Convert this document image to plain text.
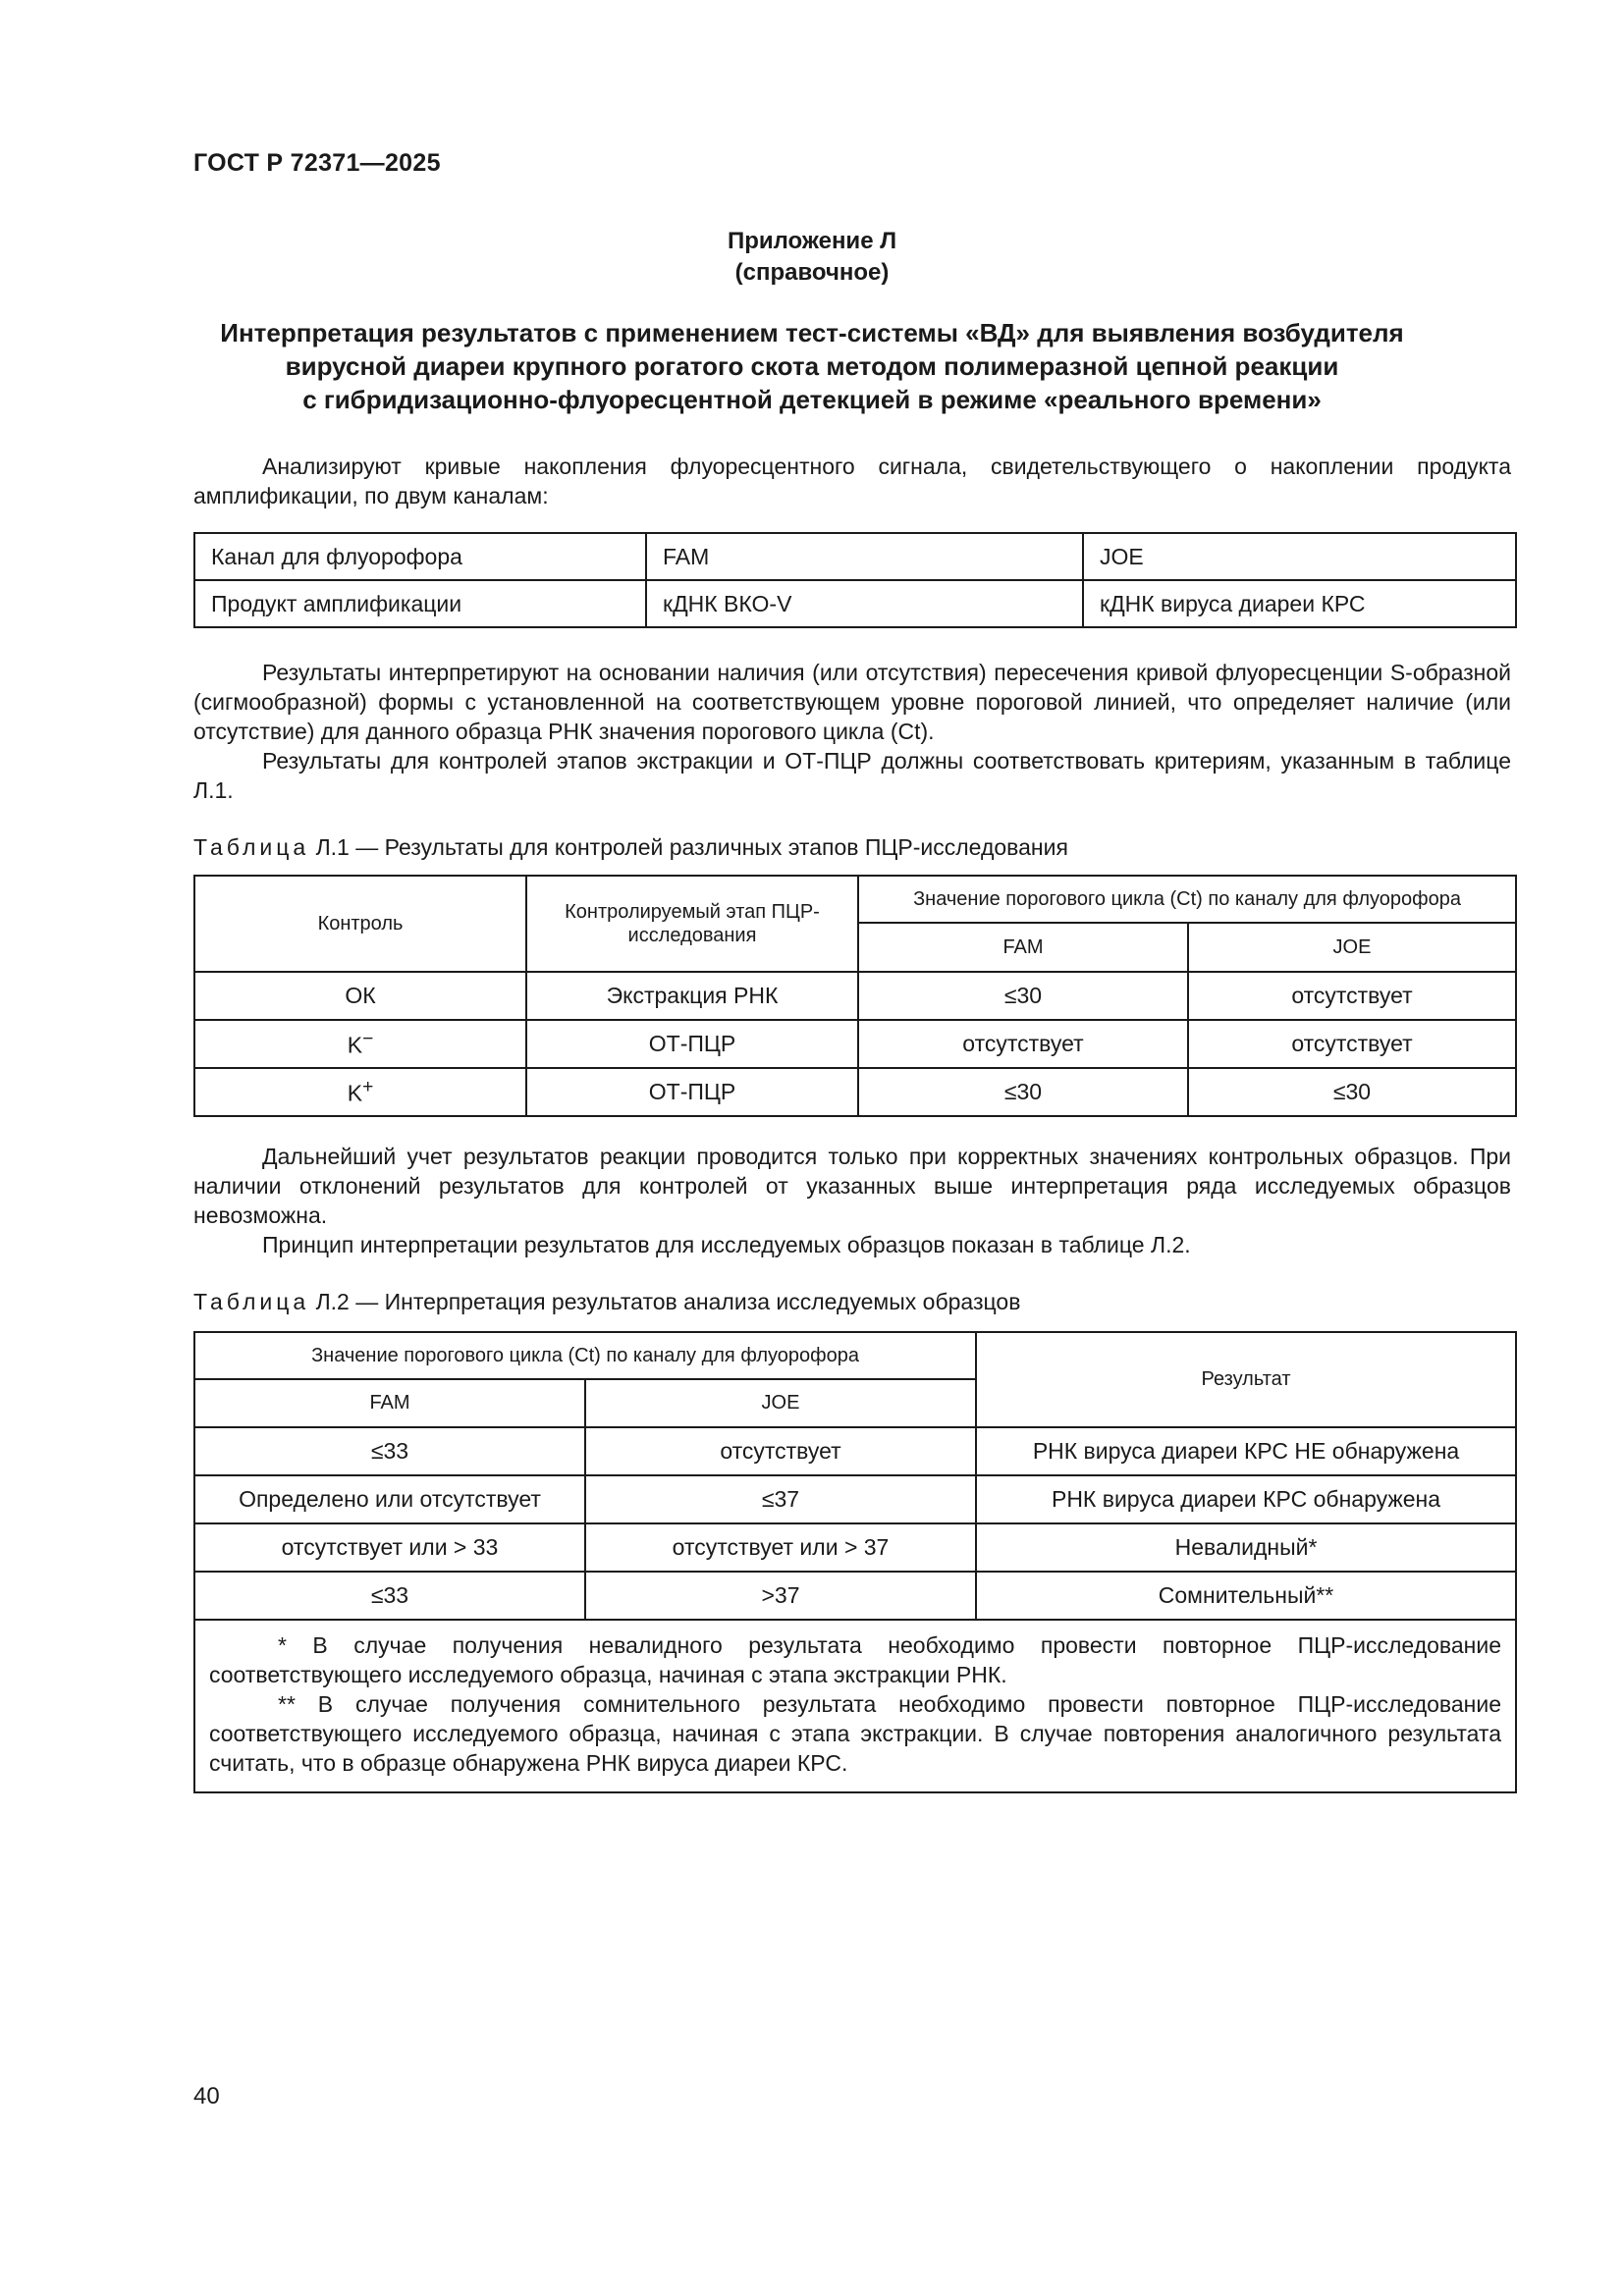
ГОСТ Р 72371—2025
Приложение Л
(справочное)
Интерпретация результатов с применением тест-системы «ВД» для выявления возбудителя
вирусной диареи крупного рогатого скота методом полимеразной цепной реакции
с гибридизационно-флуоресцентной детекцией в режиме «реального времени»

Анализируют кривые накопления флуоресцентного сигнала, свидетельствующего о накоплении продукта амплификации, по двум каналам:

Канал для флуорофора	FAM	JOE
Продукт амплификации	кДНК ВКО-V	кДНК вируса диареи КРС

Результаты интерпретируют на основании наличия (или отсутствия) пересечения кривой флуоресценции S-образной (сигмообразной) формы с установленной на соответствующем уровне пороговой линией, что определяет наличие (или отсутствие) для данного образца РНК значения порогового цикла (Ct).

Результаты для контролей этапов экстракции и ОТ-ПЦР должны соответствовать критериям, указанным в таблице Л.1.

Таблица Л.1 — Результаты для контролей различных этапов ПЦР-исследования
Контроль	Контролируемый этап ПЦР-исследования	Значение порогового цикла (Ct) по каналу для флуорофора	
		FAM	JOE
ОК	Экстракция РНК	≤30	отсутствует
K−	ОТ-ПЦР	отсутствует	отсутствует
K+	ОТ-ПЦР	≤30	≤30

Дальнейший учет результатов реакции проводится только при корректных значениях контрольных образцов. При наличии отклонений результатов для контролей от указанных выше интерпретация ряда исследуемых образцов невозможна.

Принцип интерпретации результатов для исследуемых образцов показан в таблице Л.2.

Таблица Л.2 — Интерпретация результатов анализа исследуемых образцов
Значение порогового цикла (Ct) по каналу для флуорофора		Результат
FAM	JOE	
≤33	отсутствует	РНК вируса диареи КРС НЕ обнаружена
Определено или отсутствует	≤37	РНК вируса диареи КРС обнаружена
отсутствует или > 33	отсутствует или > 37	Невалидный*
≤33	>37	Сомнительный**

* В случае получения невалидного результата необходимо провести повторное ПЦР-исследование соответствующего исследуемого образца, начиная с этапа экстракции РНК.
** В случае получения сомнительного результата необходимо провести повторное ПЦР-исследование соответствующего исследуемого образца, начиная с этапа экстракции. В случае повторения аналогичного результата считать, что в образце обнаружена РНК вируса диареи КРС.		
40
